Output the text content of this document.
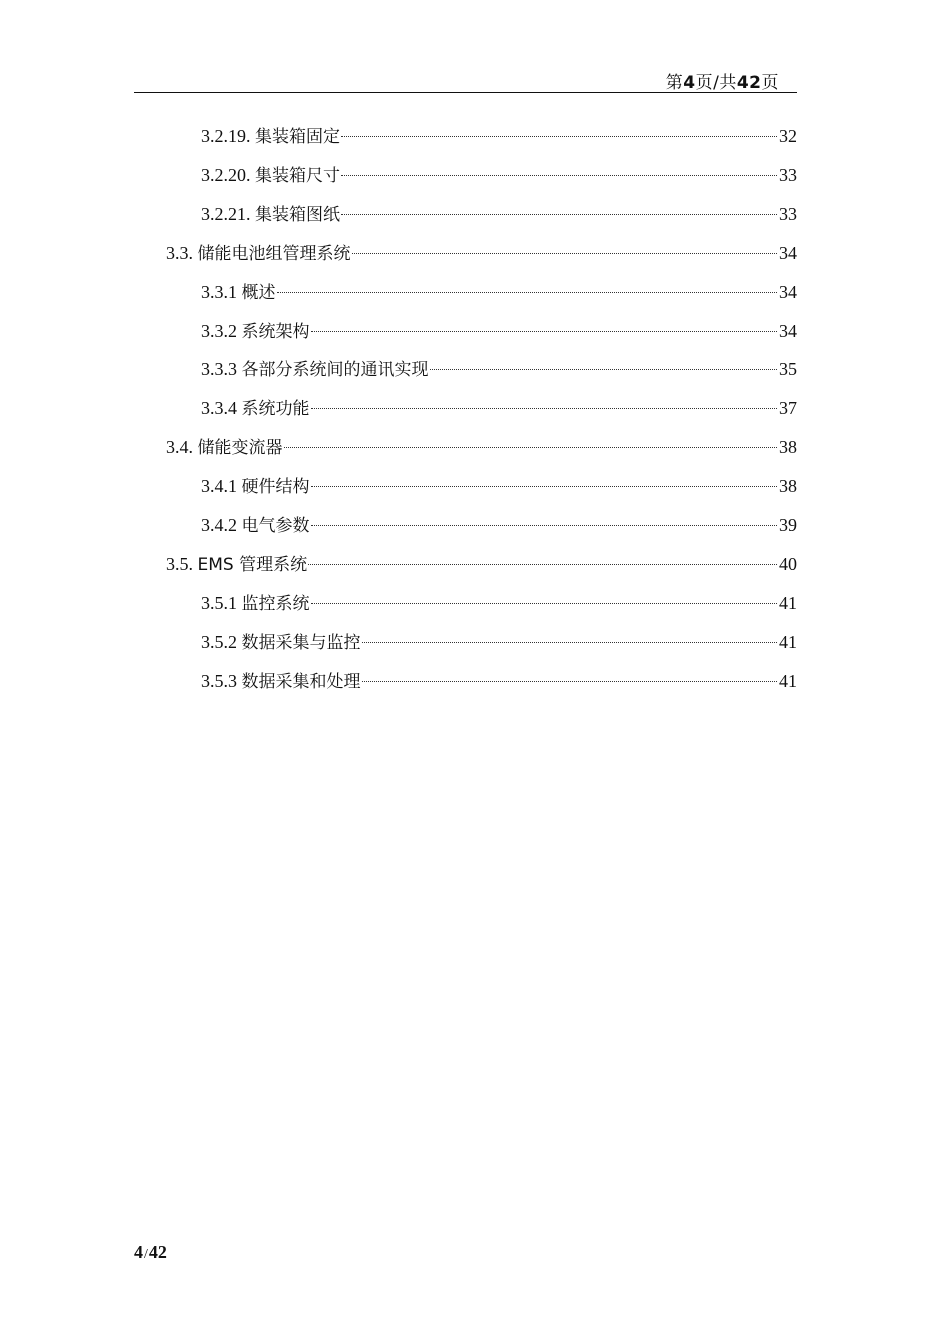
第4页/共42页
3.2.19. 集装箱固定	32
3.2.20. 集装箱尺寸	33
3.2.21. 集装箱图纸	33
3.3. 储能电池组管理系统	34
3.3.1 概述	34
3.3.2 系统架构	34
3.3.3 各部分系统间的通讯实现	35
3.3.4 系统功能	37
3.4. 储能变流器	38
3.4.1 硬件结构	38
3.4.2 电气参数	39
3.5. EMS 管理系统	40
3.5.1 监控系统	41
3.5.2 数据采集与监控	41
3.5.3 数据采集和处理	41
4/42
